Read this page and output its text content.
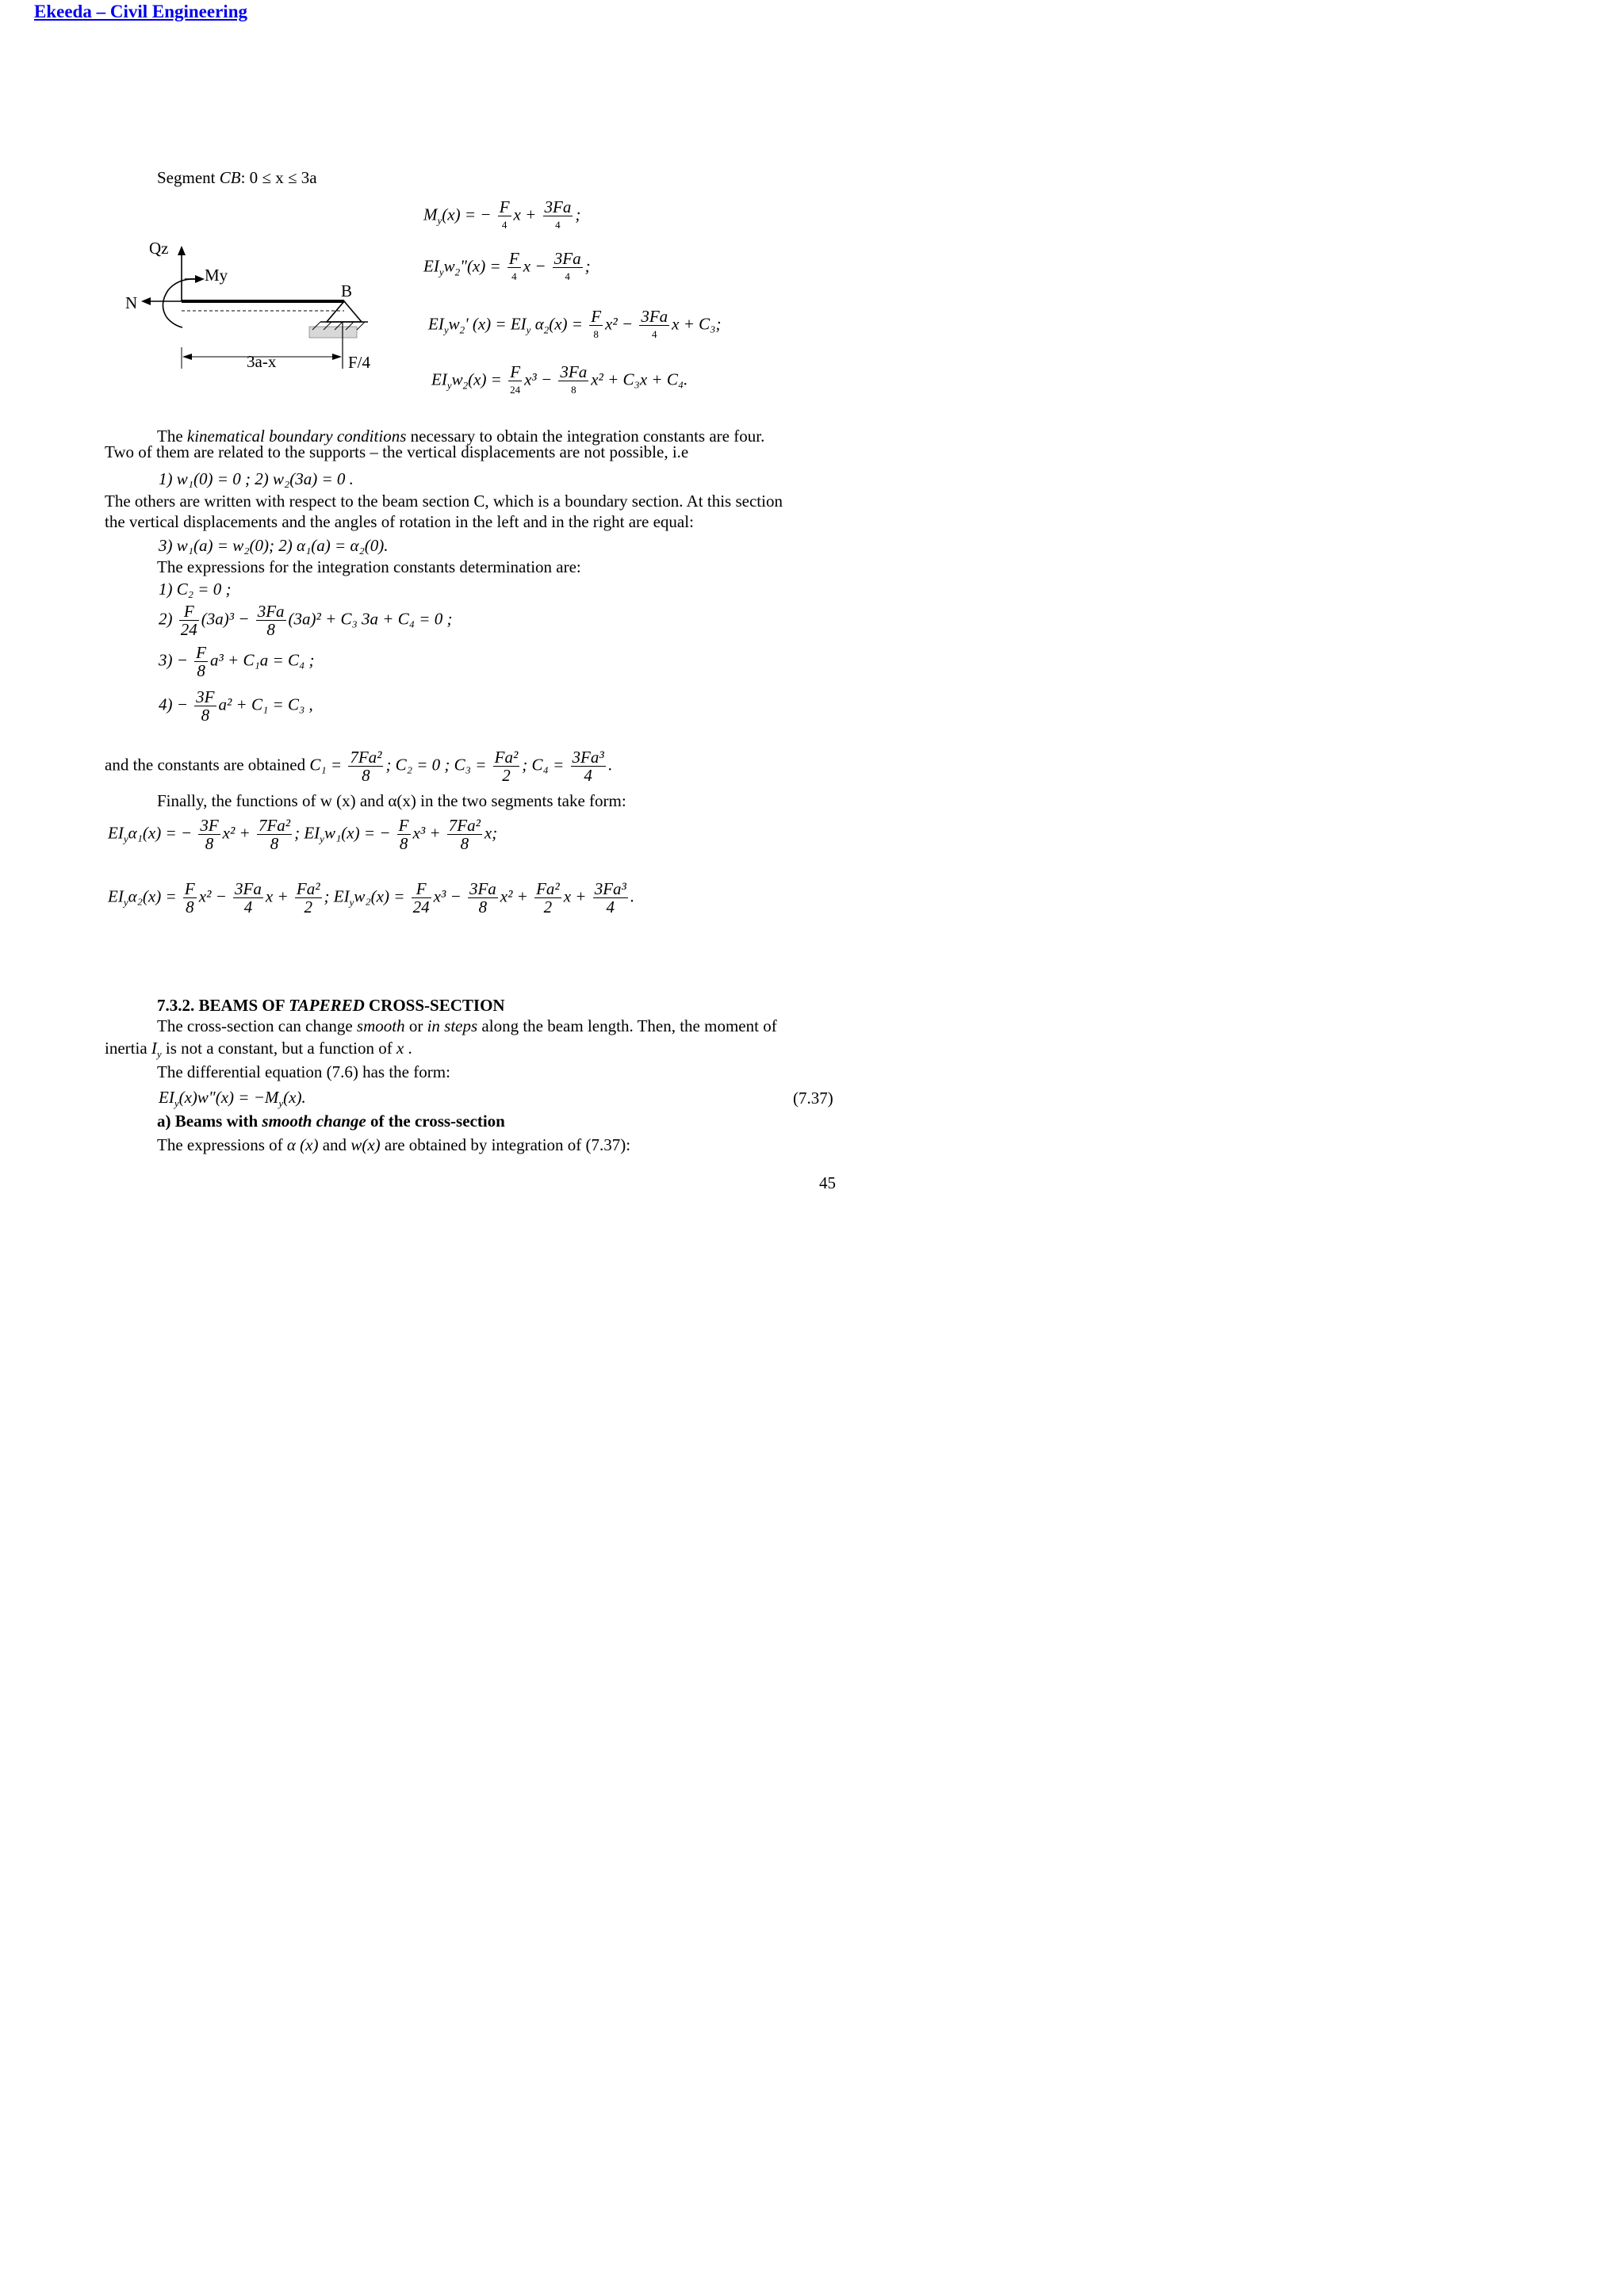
Ekeeda – Civil Engineering
Segment CB: 0 ≤ x ≤ 3a
Qz
My
N
B
3a-x	F/4
$M_y(x)$ = − F
4
x + 3Fa
4
;
$EI_yw_2"(x) = F$
4
x − 3Fa
4
;
$EI_yw_2'$ $(x) = EI_y$ $\alpha_2(x) = F$
8
x² − 3Fa
4
x + C₃;
$EI_yw_2(x) = F$
24
x³ − 3Fa
8
x² + C₃x + C₄.
The kinematical boundary conditions necessary to obtain the integration constants are four.
Two of them are related to the supports – the vertical displacements are not possible, i.e
1) w₁(0) = 0 ; 2) w₂(3a) = 0 .
The others are written with respect to the beam section C, which is a boundary section. At this section
the vertical displacements and the angles of rotation in the left and in the right are equal:
3) w₁(a) = w₂(0); 2) α₁(a) = α₂(0).
The expressions for the integration constants determination are:
1) C₂ = 0 ;
$2) \frac{F}{24} (3a)^3 - \frac{3Fa}{8} (3a)^2 + C_3$ 3a + C₄ = 0 ;
$3) - \frac{F}{8} a^3 + C_1a = C_4$ ;
$4) - \frac{3F}{8} a^2 + C_1 = C_3$ ,
and the constants are obtained $C_1 = \frac{\text{7Fa²}}{8}$ ; C₂ = 0 ; $C_3 = \frac{\text{Fa²}}{2}$ ; $C_4 = \frac{\text{3Fa³}}{4}$ .
Finally, the functions of w (x) and α(x) in the two segments take form:
$EI_y\alpha_1(x)$ = − $\frac{3F}{8} x^2 + \frac{\text{7Fa²}}{8}$ ; $EI_yw_1(x)$ = − $\frac{F}{8} x^3 + \frac{\text{7Fa²}}{8} x$;
$EI_y\alpha_2(x) = \frac{F}{8} x^2 - \frac{3Fa}{4}$ $x + \frac{\text{Fa²}}{2}$ ; $EI_yw_2(x) = \frac{F}{24} x^3 - \frac{3Fa}{8} x^2 + \frac{\text{Fa²}}{2}$ $x + \frac{\text{3Fa³}}{4}$ .
7.3.2. BEAMS OF TAPERED CROSS-SECTION
The cross-section can change smooth or in steps along the beam length. Then, the moment of
inertia $I_y$ is not a constant, but a function of x .
The differential equation (7.6) has the form:
$EI_y(x)w"(x) = -M_y(x)$.	(7.37)
a) Beams with smooth change of the cross-section
The expressions of α (x) and w(x) are obtained by integration of (7.37):
45
